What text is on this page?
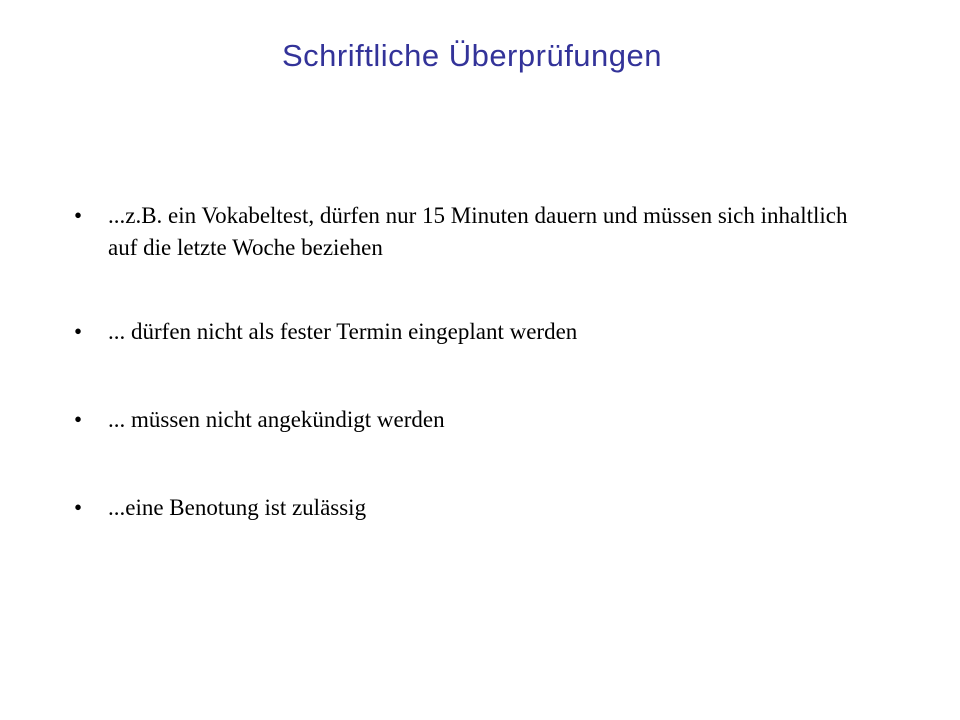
Schriftliche Überprüfungen
• ...z.B. ein Vokabeltest, dürfen nur 15 Minuten dauern und müssen sich inhaltlich auf die letzte Woche beziehen
• ... dürfen nicht als fester Termin eingeplant werden
• ... müssen nicht angekündigt werden
• ...eine Benotung ist zulässig
